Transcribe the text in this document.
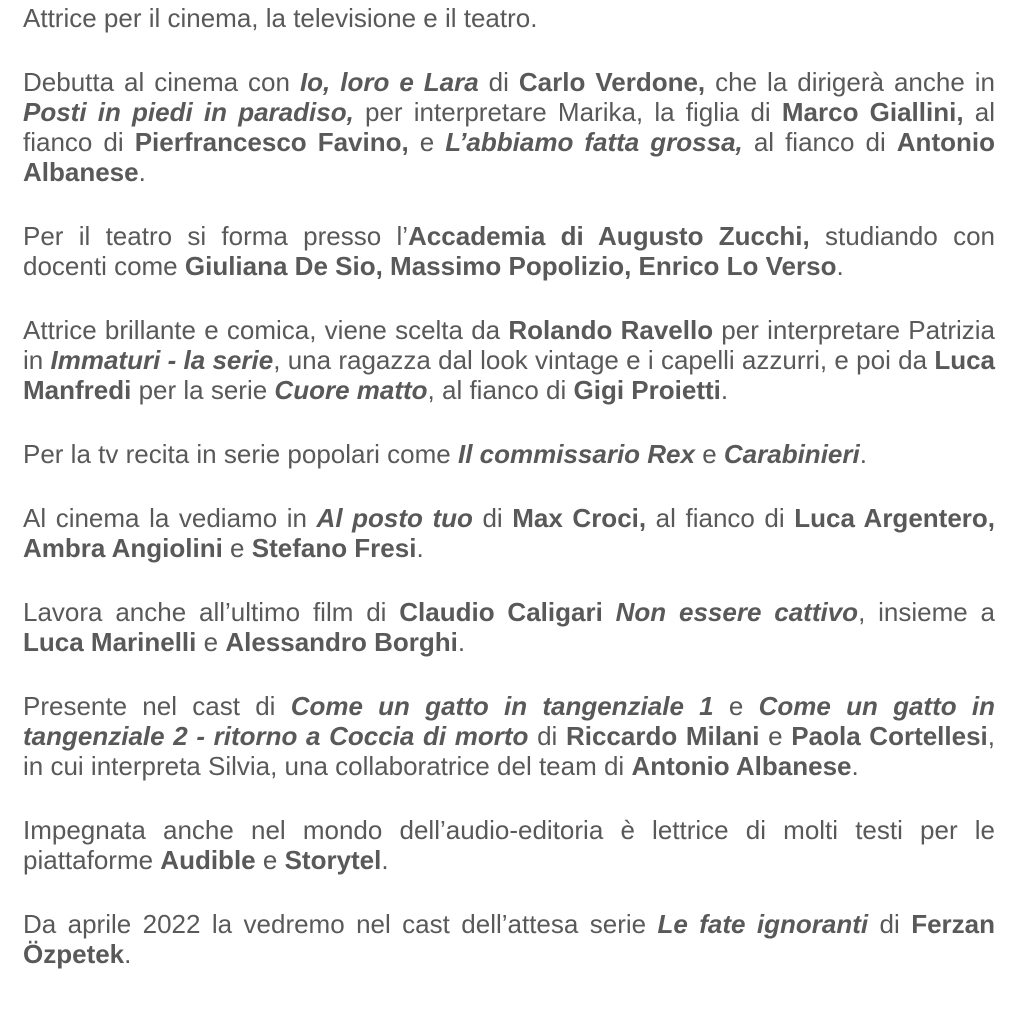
Attrice per il cinema, la televisione e il teatro.

Debutta al cinema con Io, loro e Lara di Carlo Verdone, che la dirigerà anche in Posti in piedi in paradiso, per interpretare Marika, la figlia di Marco Giallini, al fianco di Pierfrancesco Favino, e L’abbiamo fatta grossa, al fianco di Antonio Albanese.

Per il teatro si forma presso l’Accademia di Augusto Zucchi, studiando con docenti come Giuliana De Sio, Massimo Popolizio, Enrico Lo Verso.

Attrice brillante e comica, viene scelta da Rolando Ravello per interpretare Patrizia in Immaturi - la serie, una ragazza dal look vintage e i capelli azzurri, e poi da Luca Manfredi per la serie Cuore matto, al fianco di Gigi Proietti.

Per la tv recita in serie popolari come Il commissario Rex e Carabinieri.

Al cinema la vediamo in Al posto tuo di Max Croci, al fianco di Luca Argentero, Ambra Angiolini e Stefano Fresi.

Lavora anche all’ultimo film di Claudio Caligari Non essere cattivo, insieme a Luca Marinelli e Alessandro Borghi.

Presente nel cast di Come un gatto in tangenziale 1 e Come un gatto in tangenziale 2 - ritorno a Coccia di morto di Riccardo Milani e Paola Cortellesi, in cui interpreta Silvia, una collaboratrice del team di Antonio Albanese.

Impegnata anche nel mondo dell’audio-editoria è lettrice di molti testi per le piattaforme Audible e Storytel.

Da aprile 2022 la vedremo nel cast dell’attesa serie Le fate ignoranti di Ferzan Özpetek.
